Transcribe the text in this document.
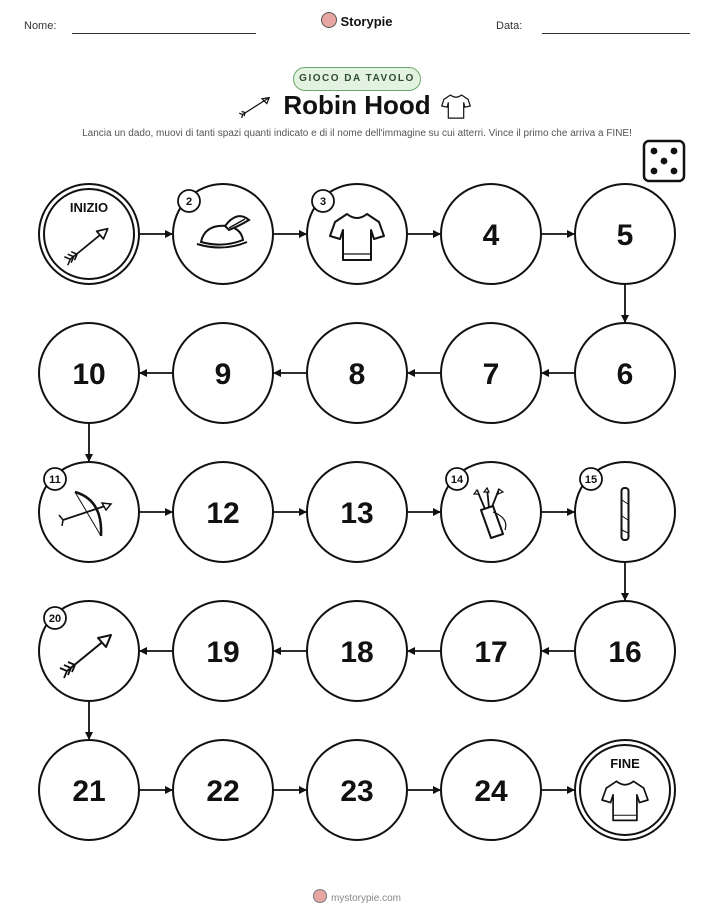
Nome:	Storypie	Data:
GIOCO DA TAVOLO
Robin Hood
Lancia un dado, muovi di tanti spazi quanti indicato e di il nome dell'immagine su cui atterri. Vince il primo che arriva a FINE!
INIZIO	2	3
4	5
6
7
8
9
10
11
12	13
14	15
16
17
18
19
20
21	22	23	24
FINE
mystorypie.com
